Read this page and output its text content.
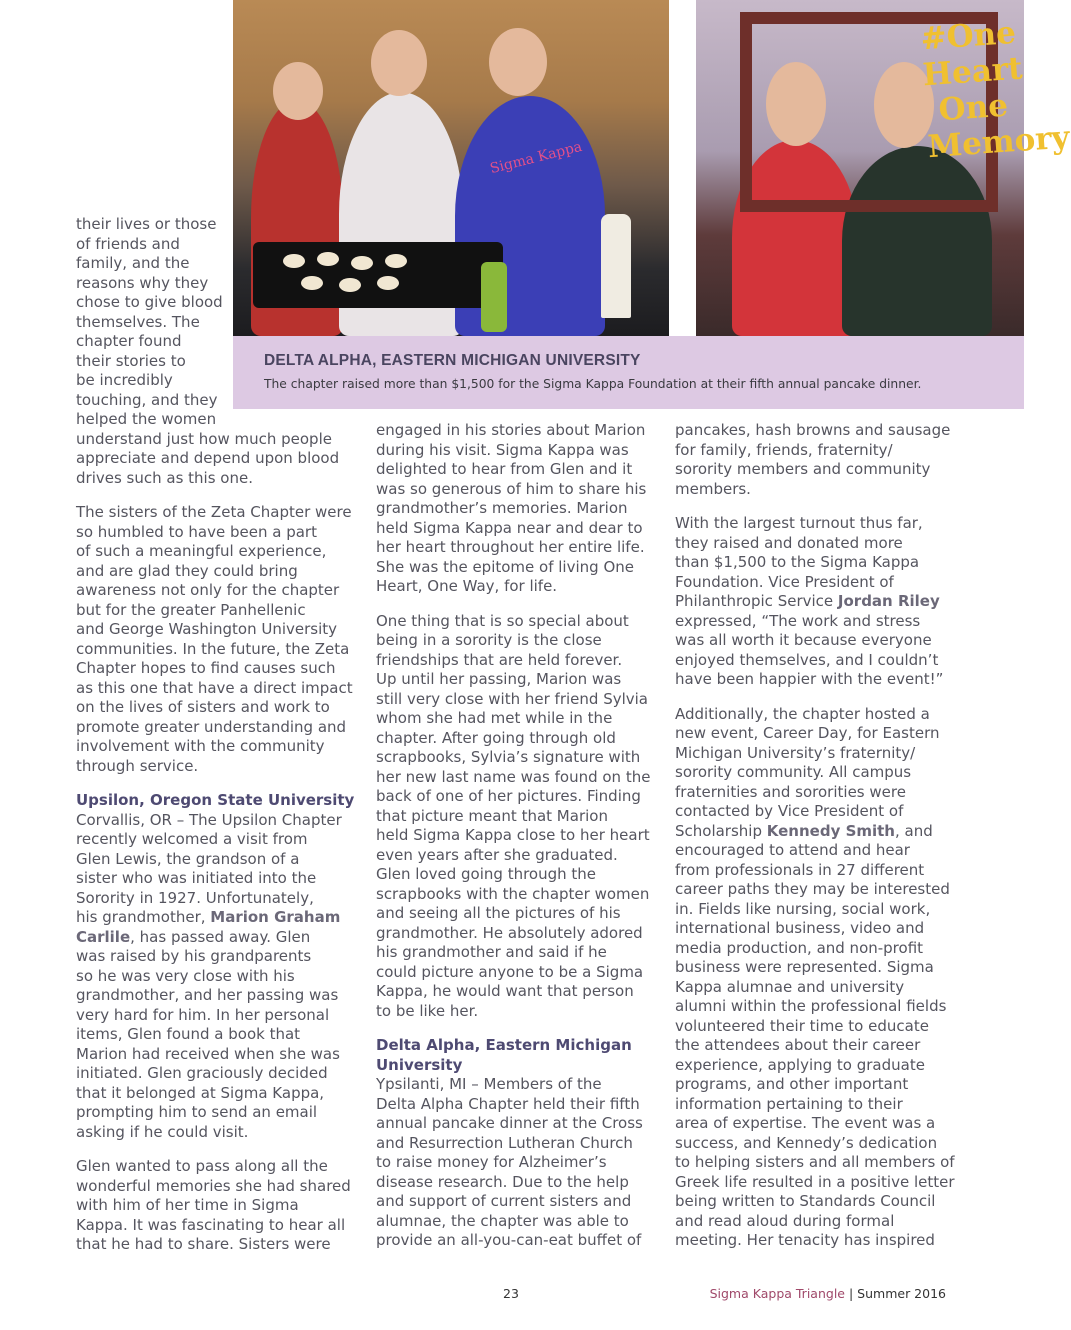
Sigma Kappa
#One Heart One Memory
DELTA ALPHA, EASTERN MICHIGAN UNIVERSITY
The chapter raised more than $1,500 for the Sigma Kappa Foundation at their fifth annual pancake dinner.

their lives or those
of friends and
family, and the
reasons why they
chose to give blood
themselves. The
chapter found
their stories to
be incredibly
touching, and they
helped the women
understand just how much people
appreciate and depend upon blood
drives such as this one.

The sisters of the Zeta Chapter were
so humbled to have been a part
of such a meaningful experience,
and are glad they could bring
awareness not only for the chapter
but for the greater Panhellenic
and George Washington University
communities. In the future, the Zeta
Chapter hopes to find causes such
as this one that have a direct impact
on the lives of sisters and work to
promote greater understanding and
involvement with the community
through service.

Upsilon, Oregon State University
Corvallis, OR – The Upsilon Chapter
recently welcomed a visit from
Glen Lewis, the grandson of a
sister who was initiated into the
Sorority in 1927. Unfortunately,
his grandmother, Marion Graham
Carlile, has passed away. Glen
was raised by his grandparents
so he was very close with his
grandmother, and her passing was
very hard for him. In her personal
items, Glen found a book that
Marion had received when she was
initiated. Glen graciously decided
that it belonged at Sigma Kappa,
prompting him to send an email
asking if he could visit.

Glen wanted to pass along all the
wonderful memories she had shared
with him of her time in Sigma
Kappa. It was fascinating to hear all
that he had to share. Sisters were

engaged in his stories about Marion
during his visit. Sigma Kappa was
delighted to hear from Glen and it
was so generous of him to share his
grandmother’s memories. Marion
held Sigma Kappa near and dear to
her heart throughout her entire life.
She was the epitome of living One
Heart, One Way, for life.

One thing that is so special about
being in a sorority is the close
friendships that are held forever.
Up until her passing, Marion was
still very close with her friend Sylvia
whom she had met while in the
chapter. After going through old
scrapbooks, Sylvia’s signature with
her new last name was found on the
back of one of her pictures. Finding
that picture meant that Marion
held Sigma Kappa close to her heart
even years after she graduated.
Glen loved going through the
scrapbooks with the chapter women
and seeing all the pictures of his
grandmother. He absolutely adored
his grandmother and said if he
could picture anyone to be a Sigma
Kappa, he would want that person
to be like her.

Delta Alpha, Eastern Michigan
University
Ypsilanti, MI – Members of the
Delta Alpha Chapter held their fifth
annual pancake dinner at the Cross
and Resurrection Lutheran Church
to raise money for Alzheimer’s
disease research. Due to the help
and support of current sisters and
alumnae, the chapter was able to
provide an all-you-can-eat buffet of

pancakes, hash browns and sausage
for family, friends, fraternity/
sorority members and community
members.

With the largest turnout thus far,
they raised and donated more
than $1,500 to the Sigma Kappa
Foundation. Vice President of
Philanthropic Service Jordan Riley
expressed, “The work and stress
was all worth it because everyone
enjoyed themselves, and I couldn’t
have been happier with the event!”

Additionally, the chapter hosted a
new event, Career Day, for Eastern
Michigan University’s fraternity/
sorority community. All campus
fraternities and sororities were
contacted by Vice President of
Scholarship Kennedy Smith, and
encouraged to attend and hear
from professionals in 27 different
career paths they may be interested
in. Fields like nursing, social work,
international business, video and
media production, and non-profit
business were represented. Sigma
Kappa alumnae and university
alumni within the professional fields
volunteered their time to educate
the attendees about their career
experience, applying to graduate
programs, and other important
information pertaining to their
area of expertise. The event was a
success, and Kennedy’s dedication
to helping sisters and all members of
Greek life resulted in a positive letter
being written to Standards Council
and read aloud during formal
meeting. Her tenacity has inspired

23	Sigma Kappa Triangle | Summer 2016
